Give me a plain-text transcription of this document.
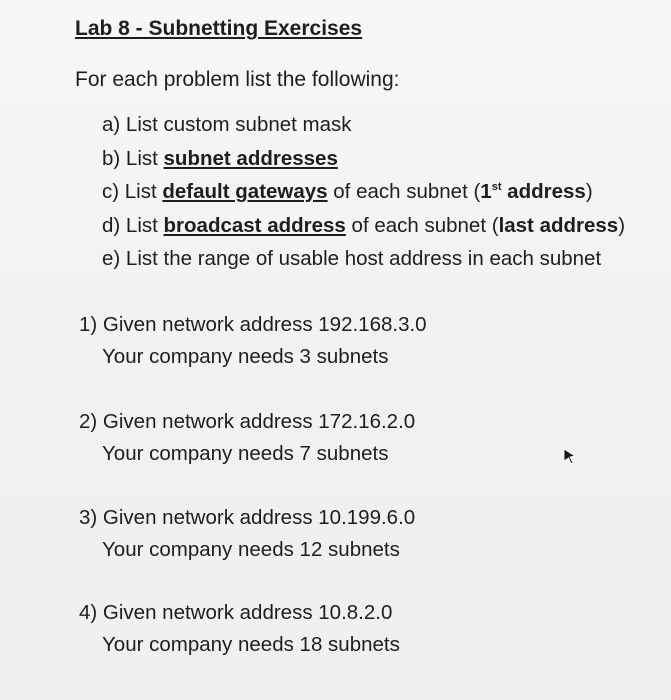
Lab 8 - Subnetting Exercises
For each problem list the following:
a) List custom subnet mask
b) List subnet addresses
c) List default gateways of each subnet (1st address)
d) List broadcast address of each subnet (last address)
e) List the range of usable host address in each subnet
1) Given network address 192.168.3.0
Your company needs 3 subnets
2) Given network address 172.16.2.0
Your company needs 7 subnets
3) Given network address 10.199.6.0
Your company needs 12 subnets
4) Given network address 10.8.2.0
Your company needs 18 subnets
